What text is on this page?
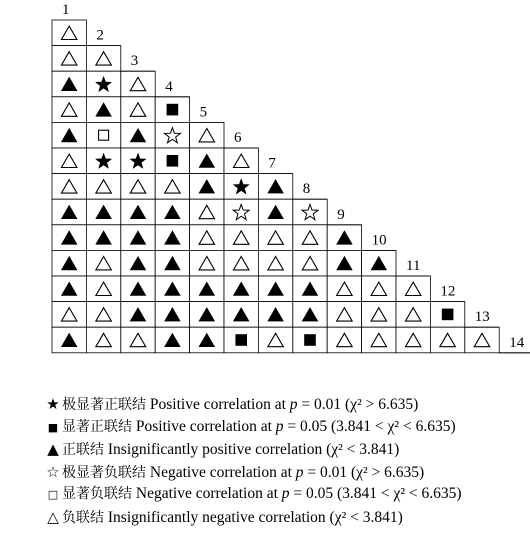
1
2
3
4
5
6
7
8
9
10
11
12
13
14
★ 极显著正联结 Positive correlation at p = 0.01 (χ² > 6.635)
■ 显著正联结 Positive correlation at p = 0.05 (3.841 < χ² < 6.635)
▲ 正联结 Insignificantly positive correlation (χ² < 3.841)
☆ 极显著负联结 Negative correlation at p = 0.01 (χ² > 6.635)
□ 显著负联结 Negative correlation at p = 0.05 (3.841 < χ² < 6.635)
△ 负联结 Insignificantly negative correlation (χ² < 3.841)
